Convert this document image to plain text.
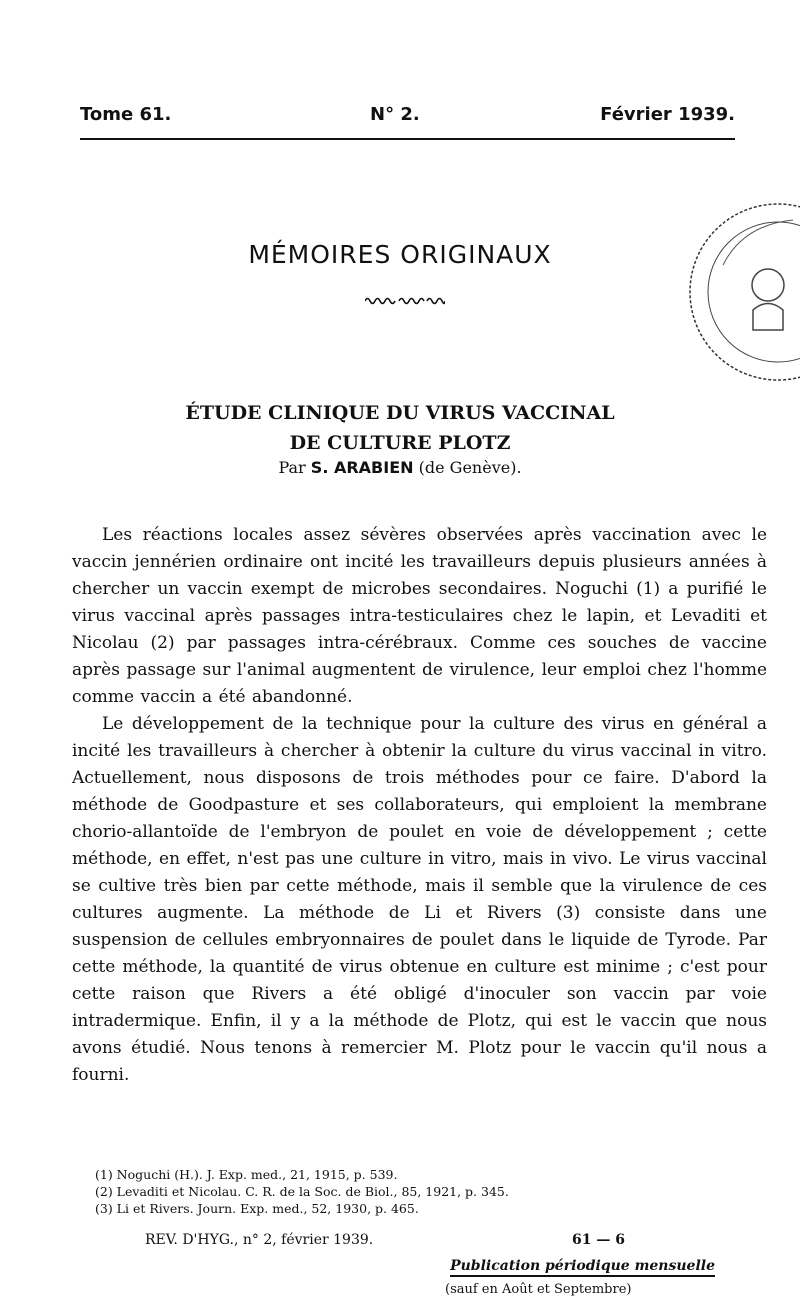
Tome 61.	N° 2.	Février 1939.
MÉMOIRES ORIGINAUX
ÉTUDE CLINIQUE DU VIRUS VACCINAL
DE CULTURE PLOTZ
Par S. ARABIEN (de Genève).

Les réactions locales assez sévères observées après vaccination avec le vaccin jennérien ordinaire ont incité les travailleurs depuis plusieurs années à chercher un vaccin exempt de microbes secondaires. Noguchi (1) a purifié le virus vaccinal après passages intra-testiculaires chez le lapin, et Levaditi et Nicolau (2) par passages intra-cérébraux. Comme ces souches de vaccine après passage sur l'animal augmentent de virulence, leur emploi chez l'homme comme vaccin a été abandonné.

Le développement de la technique pour la culture des virus en général a incité les travailleurs à chercher à obtenir la culture du virus vaccinal in vitro. Actuellement, nous disposons de trois méthodes pour ce faire. D'abord la méthode de Goodpasture et ses collaborateurs, qui emploient la membrane chorio-allantoïde de l'embryon de poulet en voie de développement ; cette méthode, en effet, n'est pas une culture in vitro, mais in vivo. Le virus vaccinal se cultive très bien par cette méthode, mais il semble que la virulence de ces cultures augmente. La méthode de Li et Rivers (3) consiste dans une suspension de cellules embryonnaires de poulet dans le liquide de Tyrode. Par cette méthode, la quantité de virus obtenue en culture est minime ; c'est pour cette raison que Rivers a été obligé d'inoculer son vaccin par voie intradermique. Enfin, il y a la méthode de Plotz, qui est le vaccin que nous avons étudié. Nous tenons à remercier M. Plotz pour le vaccin qu'il nous a fourni.

(1) Noguchi (H.). J. Exp. med., 21, 1915, p. 539.
(2) Levaditi et Nicolau. C. R. de la Soc. de Biol., 85, 1921, p. 345.
(3) Li et Rivers. Journ. Exp. med., 52, 1930, p. 465.
REV. D'HYG., n° 2, février 1939.	61 — 6
Publication périodique mensuelle
(sauf en Août et Septembre)
